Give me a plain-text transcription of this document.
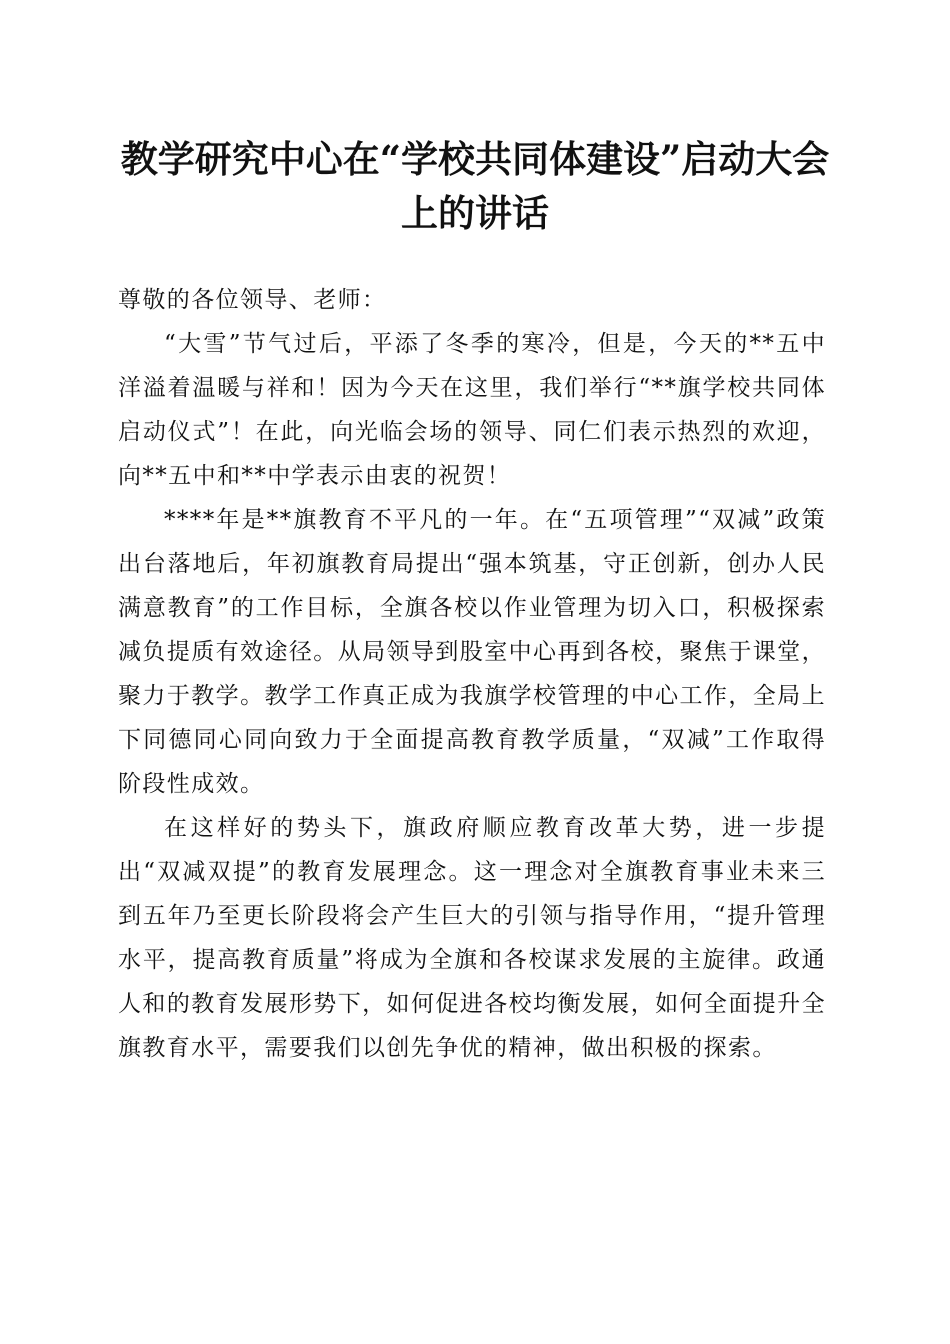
教学研究中心在“学校共同体建设”启动大会
上的讲话

尊敬的各位领导、老师：

“大雪”节气过后，平添了冬季的寒冷，但是，今天的**五中洋溢着温暖与祥和！因为今天在这里，我们举行“**旗学校共同体启动仪式”！在此，向光临会场的领导、同仁们表示热烈的欢迎，向**五中和**中学表示由衷的祝贺！

****年是**旗教育不平凡的一年。在“五项管理”“双减”政策出台落地后，年初旗教育局提出“强本筑基，守正创新，创办人民满意教育”的工作目标，全旗各校以作业管理为切入口，积极探索减负提质有效途径。从局领导到股室中心再到各校，聚焦于课堂，聚力于教学。教学工作真正成为我旗学校管理的中心工作，全局上下同德同心同向致力于全面提高教育教学质量，“双减”工作取得阶段性成效。

在这样好的势头下，旗政府顺应教育改革大势，进一步提出“双减双提”的教育发展理念。这一理念对全旗教育事业未来三到五年乃至更长阶段将会产生巨大的引领与指导作用，“提升管理水平，提高教育质量”将成为全旗和各校谋求发展的主旋律。政通人和的教育发展形势下，如何促进各校均衡发展，如何全面提升全旗教育水平，需要我们以创先争优的精神，做出积极的探索。
